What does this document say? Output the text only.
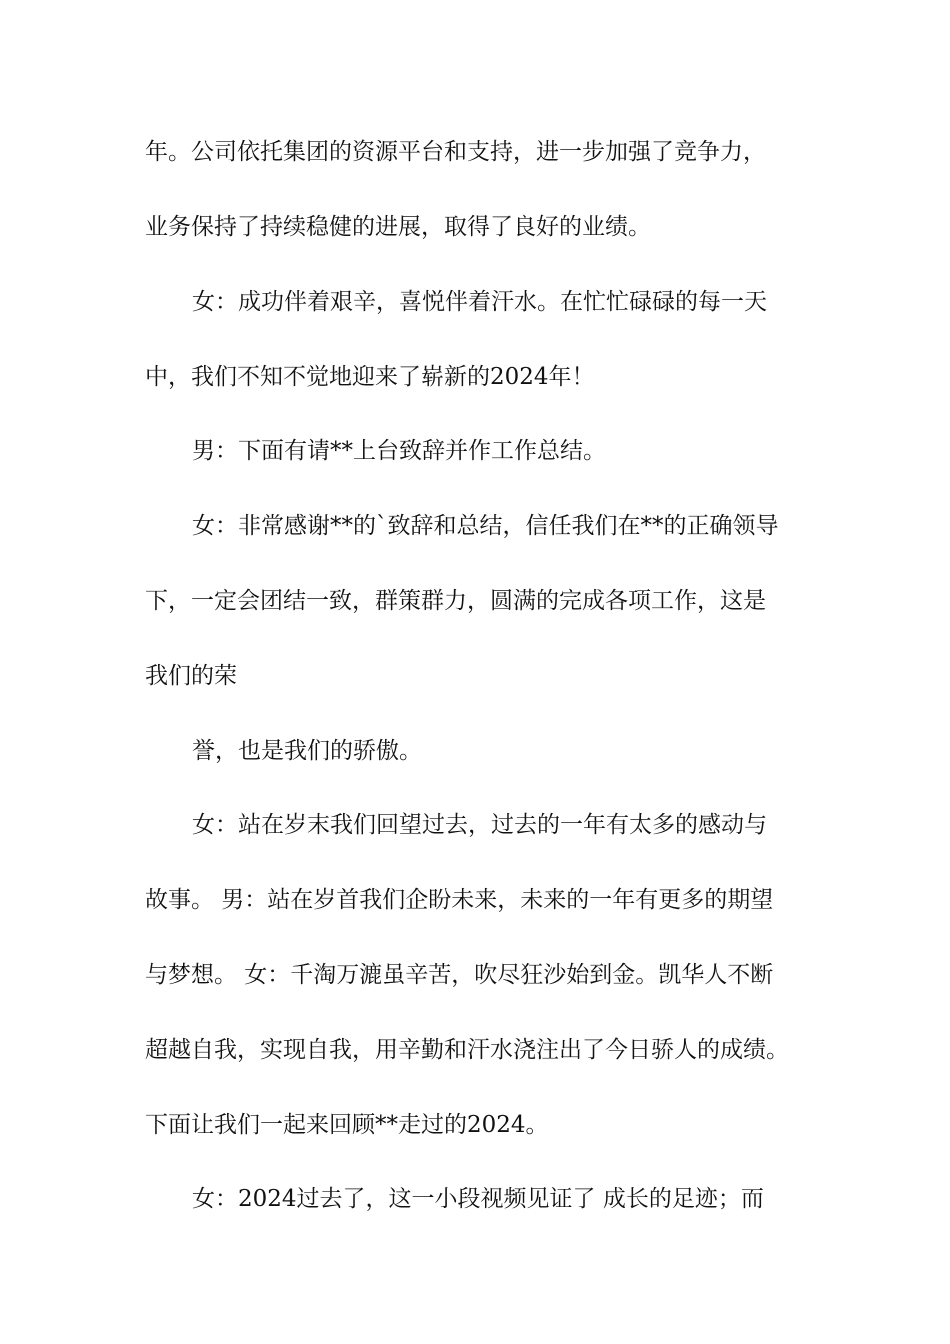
年。公司依托集团的资源平台和支持，进一步加强了竞争力，
业务保持了持续稳健的进展，取得了良好的业绩。
女：成功伴着艰辛，喜悦伴着汗水。在忙忙碌碌的每一天
中，我们不知不觉地迎来了崭新的2024年！
男：下面有请**上台致辞并作工作总结。
女：非常感谢**的`致辞和总结，信任我们在**的正确领导
下，一定会团结一致，群策群力，圆满的完成各项工作，这是
我们的荣
誉，也是我们的骄傲。
女：站在岁末我们回望过去，过去的一年有太多的感动与
故事。 男：站在岁首我们企盼未来，未来的一年有更多的期望
与梦想。 女：千淘万漉虽辛苦，吹尽狂沙始到金。凯华人不断
超越自我，实现自我，用辛勤和汗水浇注出了今日骄人的成绩。
下面让我们一起来回顾**走过的2024。
女：2024过去了，这一小段视频见证了 成长的足迹；而
